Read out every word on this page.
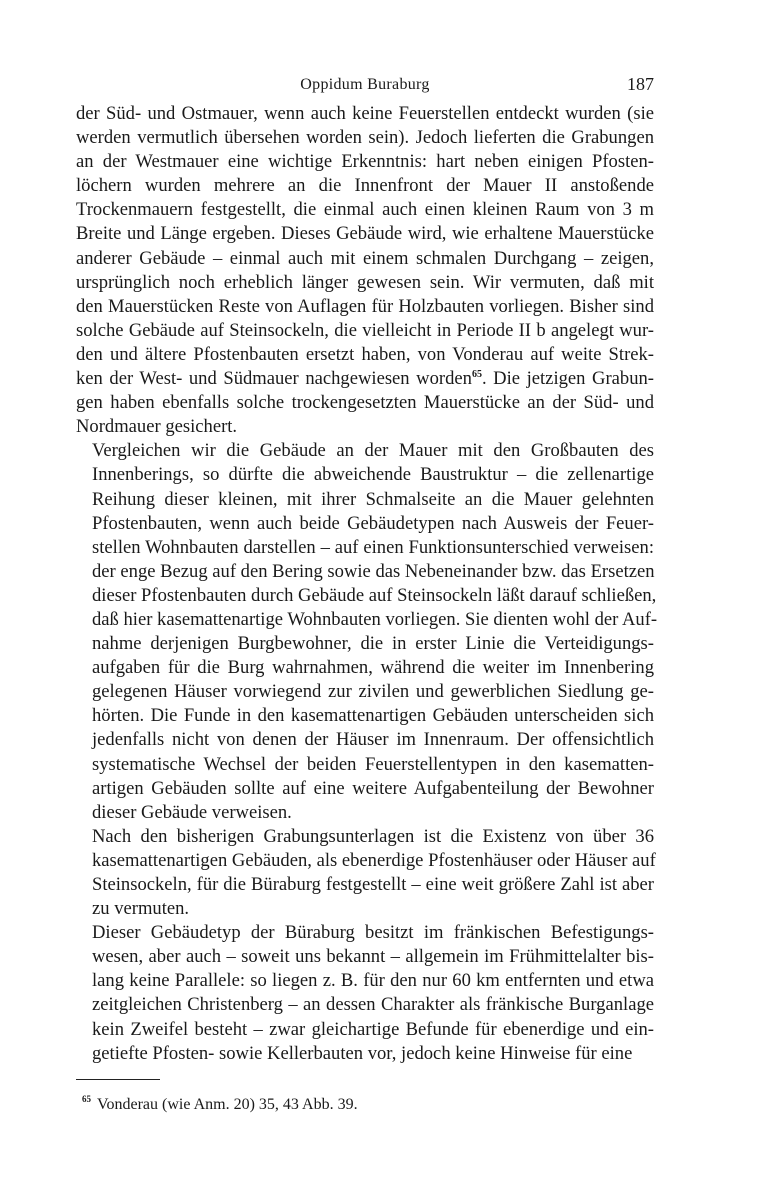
Oppidum Buraburg	187

der Süd- und Ostmauer, wenn auch keine Feuerstellen entdeckt wurden (sie
werden vermutlich übersehen worden sein). Jedoch lieferten die Grabungen
an der Westmauer eine wichtige Erkenntnis: hart neben einigen Pfosten-
löchern wurden mehrere an die Innenfront der Mauer II anstoßende
Trockenmauern festgestellt, die einmal auch einen kleinen Raum von 3 m
Breite und Länge ergeben. Dieses Gebäude wird, wie erhaltene Mauerstücke
anderer Gebäude – einmal auch mit einem schmalen Durchgang – zeigen,
ursprünglich noch erheblich länger gewesen sein. Wir vermuten, daß mit
den Mauerstücken Reste von Auflagen für Holzbauten vorliegen. Bisher sind
solche Gebäude auf Steinsockeln, die vielleicht in Periode II b angelegt wur-
den und ältere Pfostenbauten ersetzt haben, von Vonderau auf weite Strek-
ken der West- und Südmauer nachgewiesen worden$^{65}$. Die jetzigen Grabun-
gen haben ebenfalls solche trockengesetzten Mauerstücke an der Süd- und
Nordmauer gesichert.

Vergleichen wir die Gebäude an der Mauer mit den Großbauten des
Innenberings, so dürfte die abweichende Baustruktur – die zellenartige
Reihung dieser kleinen, mit ihrer Schmalseite an die Mauer gelehnten
Pfostenbauten, wenn auch beide Gebäudetypen nach Ausweis der Feuer-
stellen Wohnbauten darstellen – auf einen Funktionsunterschied verweisen:
der enge Bezug auf den Bering sowie das Nebeneinander bzw. das Ersetzen
dieser Pfostenbauten durch Gebäude auf Steinsockeln läßt darauf schließen,
daß hier kasemattenartige Wohnbauten vorliegen. Sie dienten wohl der Auf-
nahme derjenigen Burgbewohner, die in erster Linie die Verteidigungs-
aufgaben für die Burg wahrnahmen, während die weiter im Innenbering
gelegenen Häuser vorwiegend zur zivilen und gewerblichen Siedlung ge-
hörten. Die Funde in den kasemattenartigen Gebäuden unterscheiden sich
jedenfalls nicht von denen der Häuser im Innenraum. Der offensichtlich
systematische Wechsel der beiden Feuerstellentypen in den kasematten-
artigen Gebäuden sollte auf eine weitere Aufgabenteilung der Bewohner
dieser Gebäude verweisen.

Nach den bisherigen Grabungsunterlagen ist die Existenz von über 36
kasemattenartigen Gebäuden, als ebenerdige Pfostenhäuser oder Häuser auf
Steinsockeln, für die Büraburg festgestellt – eine weit größere Zahl ist aber
zu vermuten.

Dieser Gebäudetyp der Büraburg besitzt im fränkischen Befestigungs-
wesen, aber auch – soweit uns bekannt – allgemein im Frühmittelalter bis-
lang keine Parallele: so liegen z. B. für den nur 60 km entfernten und etwa
zeitgleichen Christenberg – an dessen Charakter als fränkische Burganlage
kein Zweifel besteht – zwar gleichartige Befunde für ebenerdige und ein-
getiefte Pfosten- sowie Kellerbauten vor, jedoch keine Hinweise für eine

$^{65}$ Vonderau (wie Anm. 20) 35, 43 Abb. 39.
